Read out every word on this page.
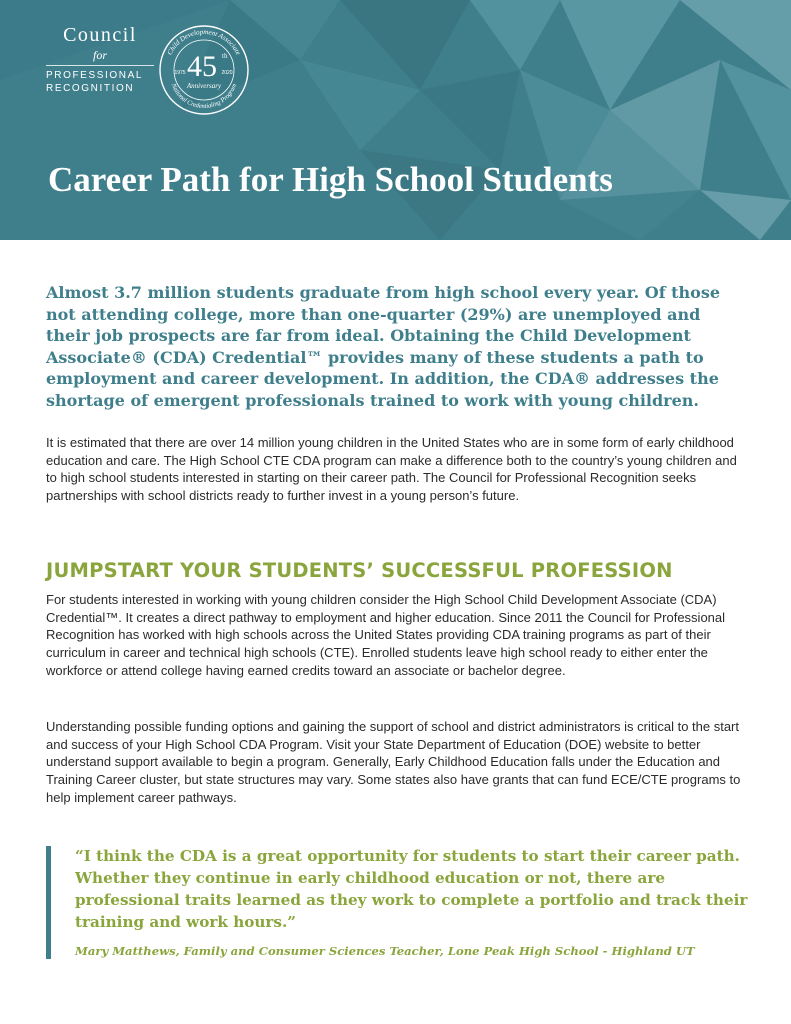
Council
for
PROFESSIONAL
RECOGNITION
Child Development Associate
National Credentialing Program
45 th
1975	2020
Anniversary
Career Path for High School Students

Almost 3.7 million students graduate from high school every year. Of those not attending college, more than one-quarter (29%) are unemployed and their job prospects are far from ideal. Obtaining the Child Development Associate® (CDA) Credential™ provides many of these students a path to employment and career development. In addition, the CDA® addresses the shortage of emergent professionals trained to work with young children.

It is estimated that there are over 14 million young children in the United States who are in some form of early childhood education and care. The High School CTE CDA program can make a difference both to the country’s young children and to high school students interested in starting on their career path. The Council for Professional Recognition seeks partnerships with school districts ready to further invest in a young person’s future.

JUMPSTART YOUR STUDENTS’ SUCCESSFUL PROFESSION

For students interested in working with young children consider the High School Child Development Associate (CDA) Credential™. It creates a direct pathway to employment and higher education. Since 2011 the Council for Professional Recognition has worked with high schools across the United States providing CDA training programs as part of their curriculum in career and technical high schools (CTE). Enrolled students leave high school ready to either enter the workforce or attend college having earned credits toward an associate or bachelor degree.

Understanding possible funding options and gaining the support of school and district administrators is critical to the start and success of your High School CDA Program. Visit your State Department of Education (DOE) website to better understand support available to begin a program. Generally, Early Childhood Education falls under the Education and Training Career cluster, but state structures may vary. Some states also have grants that can fund ECE/CTE programs to help implement career pathways.

“I think the CDA is a great opportunity for students to start their career path. Whether they continue in early childhood education or not, there are professional traits learned as they work to complete a portfolio and track their training and work hours.”

Mary Matthews, Family and Consumer Sciences Teacher, Lone Peak High School - Highland UT
